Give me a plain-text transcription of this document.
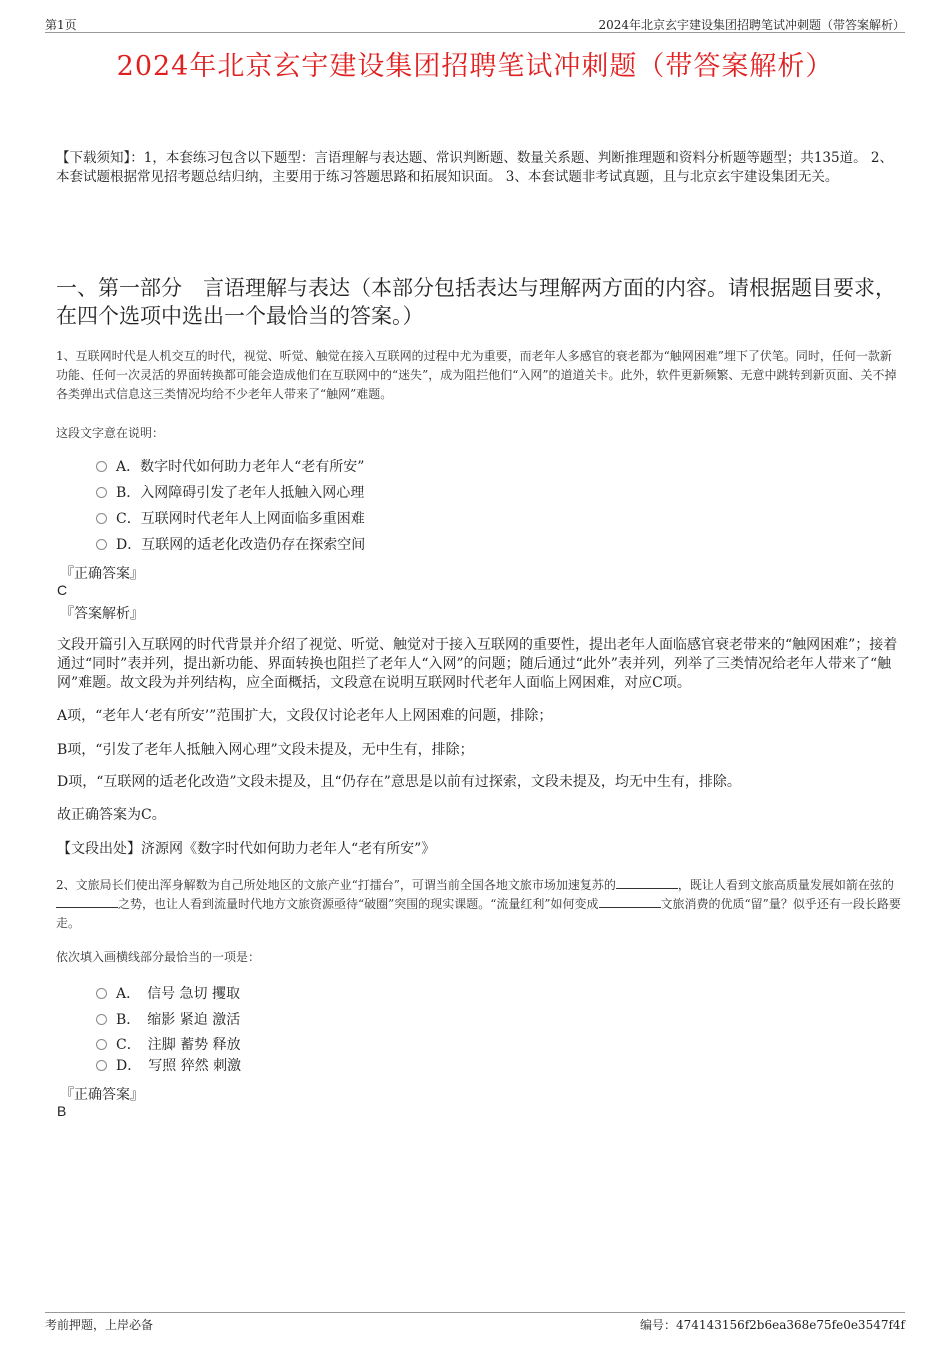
第1页	2024年北京玄宇建设集团招聘笔试冲刺题（带答案解析）
2024年北京玄宇建设集团招聘笔试冲刺题（带答案解析）
【下载须知】：1，本套练习包含以下题型：言语理解与表达题、常识判断题、数量关系题、判断推理题和资料分析题等题型；共135道。 2、本套试题根据常见招考题总结归纳，主要用于练习答题思路和拓展知识面。 3、本套试题非考试真题，且与北京玄宇建设集团无关。
一、第一部分　言语理解与表达（本部分包括表达与理解两方面的内容。请根据题目要求，在四个选项中选出一个最恰当的答案。）
1、互联网时代是人机交互的时代，视觉、听觉、触觉在接入互联网的过程中尤为重要，而老年人多感官的衰老都为“触网困难”埋下了伏笔。同时，任何一款新功能、任何一次灵活的界面转换都可能会造成他们在互联网中的“迷失”，成为阻拦他们“入网”的道道关卡。此外，软件更新频繁、无意中跳转到新页面、关不掉各类弹出式信息这三类情况均给不少老年人带来了“触网”难题。
这段文字意在说明：
A．数字时代如何助力老年人“老有所安”
B．入网障碍引发了老年人抵触入网心理
C．互联网时代老年人上网面临多重困难
D．互联网的适老化改造仍存在探索空间
『正确答案』
C
『答案解析』
文段开篇引入互联网的时代背景并介绍了视觉、听觉、触觉对于接入互联网的重要性，提出老年人面临感官衰老带来的“触网困难”；接着通过“同时”表并列，提出新功能、界面转换也阻拦了老年人“入网”的问题；随后通过“此外”表并列，列举了三类情况给老年人带来了“触网”难题。故文段为并列结构，应全面概括，文段意在说明互联网时代老年人面临上网困难，对应C项。
A项，“老年人‘老有所安’”范围扩大，文段仅讨论老年人上网困难的问题，排除；
B项，“引发了老年人抵触入网心理”文段未提及，无中生有，排除；
D项，“互联网的适老化改造”文段未提及，且“仍存在”意思是以前有过探索，文段未提及，均无中生有，排除。
故正确答案为C。
【文段出处】济源网《数字时代如何助力老年人“老有所安”》
2、文旅局长们使出浑身解数为自己所处地区的文旅产业“打擂台”，可谓当前全国各地文旅市场加速复苏的	，既让人看到文旅高质量发展如箭在弦的之势，也让人看到流量时代地方文旅资源亟待“破圈”突围的现实课题。“流量红利”如何变成	文旅消费的优质“留”量？似乎还有一段长路要走。
依次填入画横线部分最恰当的一项是：
A．　信号 急切 攫取
B．　缩影 紧迫 激活
C．　注脚 蓄势 释放
D．　写照 猝然 刺激
『正确答案』
B
考前押题，上岸必备	编号：474143156f2b6ea368e75fe0e3547f4f
